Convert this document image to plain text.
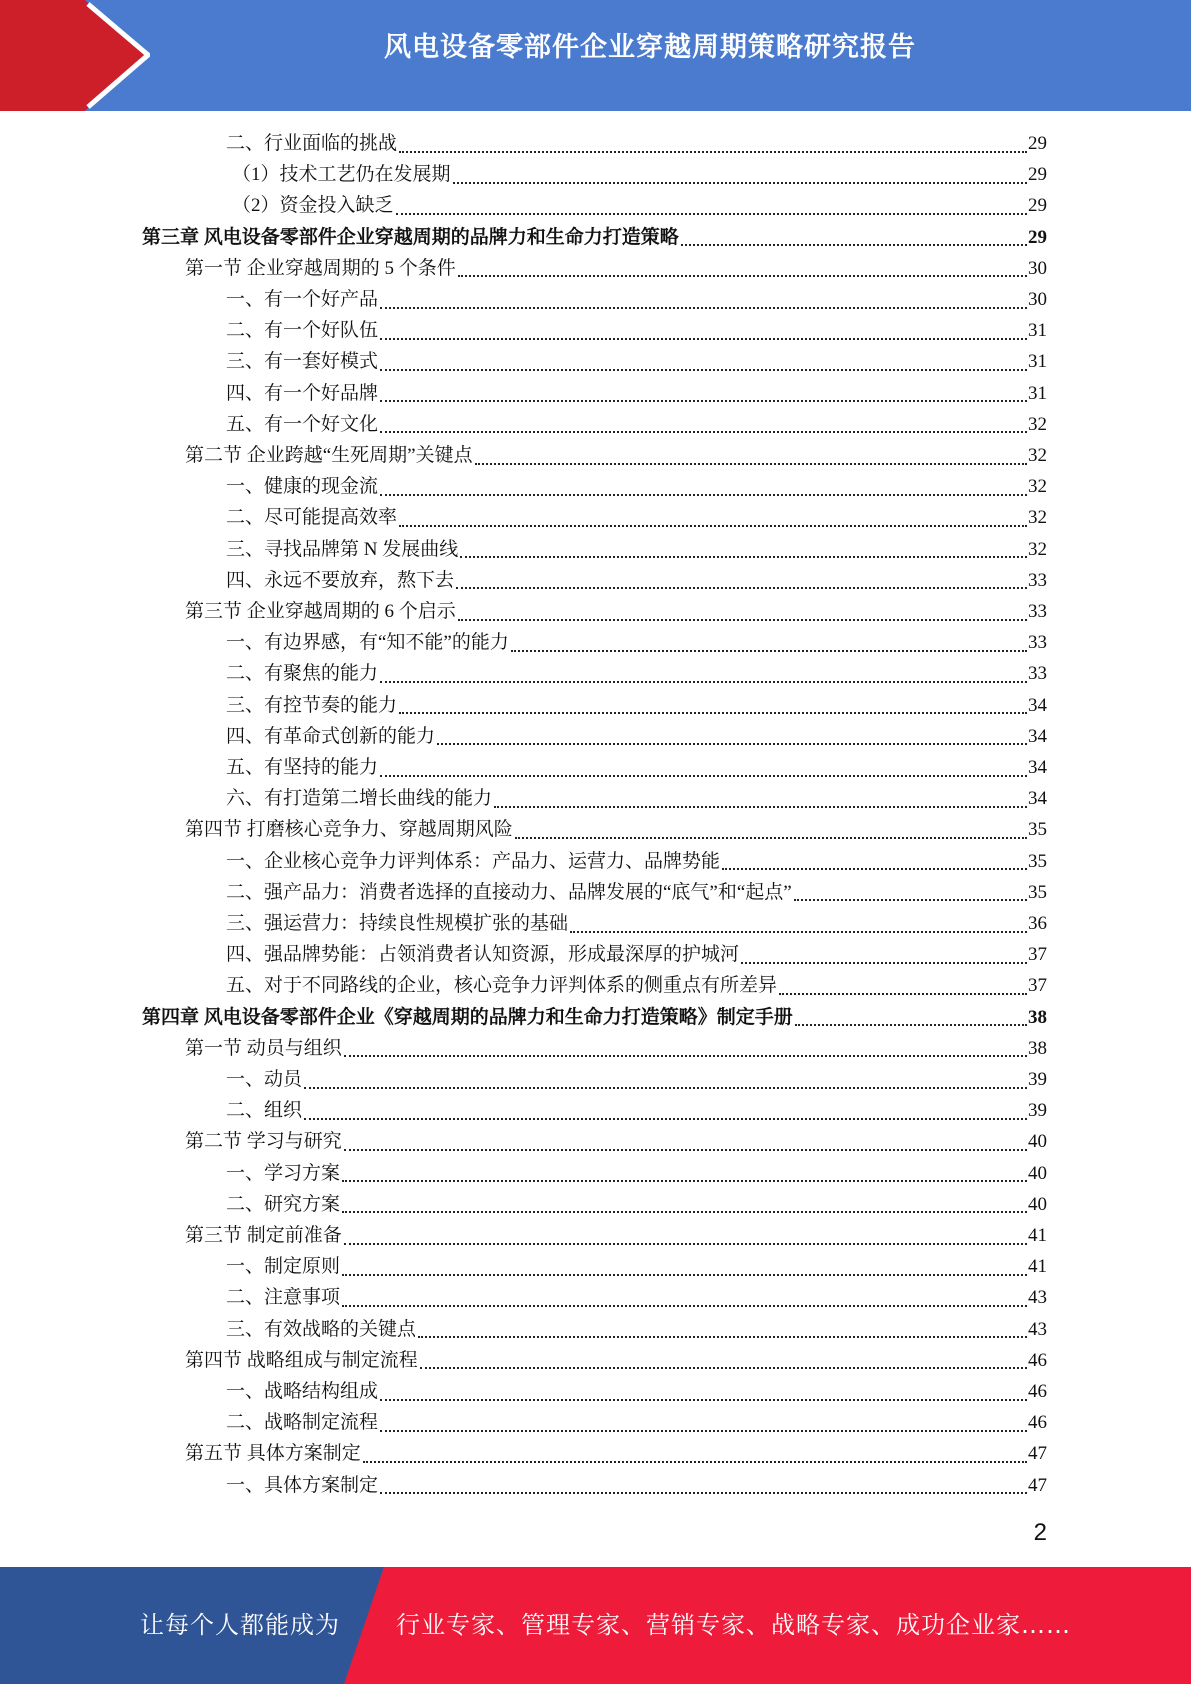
风电设备零部件企业穿越周期策略研究报告
二、行业面临的挑战	29
（1）技术工艺仍在发展期	29
（2）资金投入缺乏	29
第三章 风电设备零部件企业穿越周期的品牌力和生命力打造策略	29
第一节 企业穿越周期的 5 个条件	30
一、有一个好产品	30
二、有一个好队伍	31
三、有一套好模式	31
四、有一个好品牌	31
五、有一个好文化	32
第二节 企业跨越“生死周期”关键点	32
一、健康的现金流	32
二、尽可能提高效率	32
三、寻找品牌第 N 发展曲线	32
四、永远不要放弃，熬下去	33
第三节 企业穿越周期的 6 个启示	33
一、有边界感，有“知不能”的能力	33
二、有聚焦的能力	33
三、有控节奏的能力	34
四、有革命式创新的能力	34
五、有坚持的能力	34
六、有打造第二增长曲线的能力	34
第四节 打磨核心竞争力、穿越周期风险	35
一、企业核心竞争力评判体系：产品力、运营力、品牌势能	35
二、强产品力：消费者选择的直接动力、品牌发展的“底气”和“起点”	35
三、强运营力：持续良性规模扩张的基础	36
四、强品牌势能：占领消费者认知资源，形成最深厚的护城河	37
五、对于不同路线的企业，核心竞争力评判体系的侧重点有所差异	37
第四章 风电设备零部件企业《穿越周期的品牌力和生命力打造策略》制定手册	38
第一节 动员与组织	38
一、动员	39
二、组织	39
第二节 学习与研究	40
一、学习方案	40
二、研究方案	40
第三节 制定前准备	41
一、制定原则	41
二、注意事项	43
三、有效战略的关键点	43
第四节 战略组成与制定流程	46
一、战略结构组成	46
二、战略制定流程	46
第五节 具体方案制定	47
一、具体方案制定	47
2
让每个人都能成为 行业专家、管理专家、营销专家、战略专家、成功企业家……
